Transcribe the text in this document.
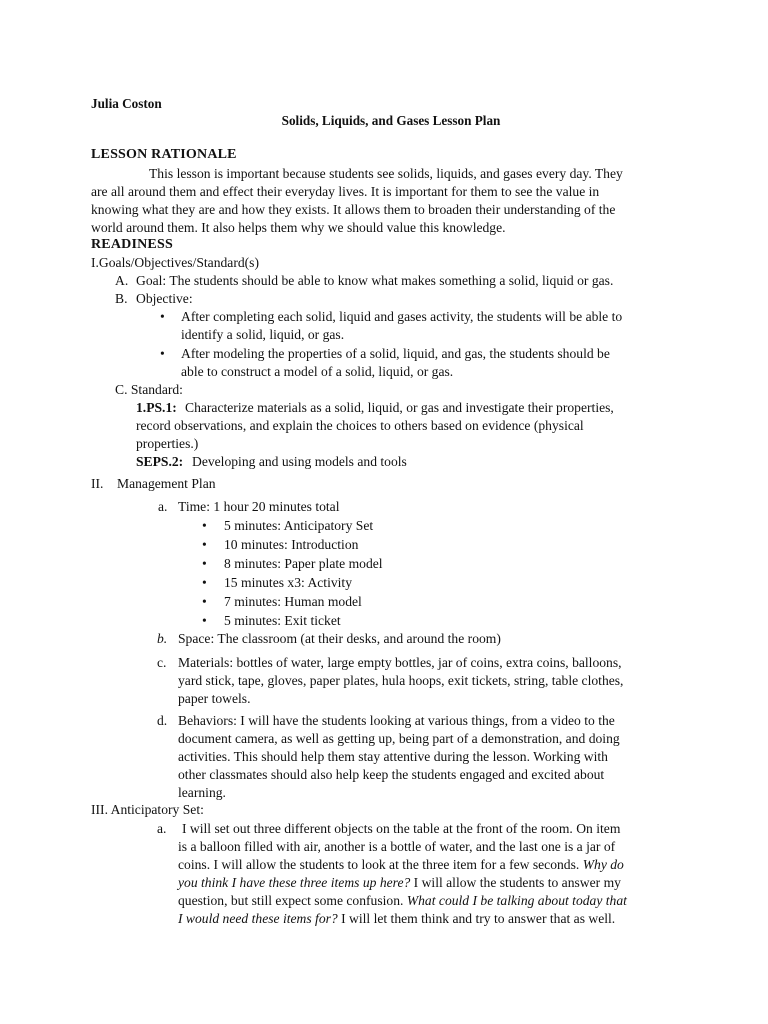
Julia Coston
Solids, Liquids, and Gases Lesson Plan
LESSON RATIONALE
This lesson is important because students see solids, liquids, and gases every day. They
are all around them and effect their everyday lives. It is important for them to see the value in
knowing what they are and how they exists. It allows them to broaden their understanding of the
world around them. It also helps them why we should value this knowledge.
READINESS
I.Goals/Objectives/Standard(s)
A. Goal: The students should be able to know what makes something a solid, liquid or gas.
B. Objective:
• After completing each solid, liquid and gases activity, the students will be able to
identify a solid, liquid, or gas.
• After modeling the properties of a solid, liquid, and gas, the students should be
able to construct a model of a solid, liquid, or gas.
C. Standard:
1.PS.1: Characterize materials as a solid, liquid, or gas and investigate their properties,
record observations, and explain the choices to others based on evidence (physical
properties.)
SEPS.2: Developing and using models and tools
II. Management Plan
a. Time: 1 hour 20 minutes total
• 5 minutes: Anticipatory Set
• 10 minutes: Introduction
• 8 minutes: Paper plate model
• 15 minutes x3: Activity
• 7 minutes: Human model
• 5 minutes: Exit ticket
b. Space: The classroom (at their desks, and around the room)
c. Materials: bottles of water, large empty bottles, jar of coins, extra coins, balloons,
yard stick, tape, gloves, paper plates, hula hoops, exit tickets, string, table clothes,
paper towels.
d. Behaviors: I will have the students looking at various things, from a video to the
document camera, as well as getting up, being part of a demonstration, and doing
activities. This should help them stay attentive during the lesson. Working with
other classmates should also help keep the students engaged and excited about
learning.
III. Anticipatory Set:
a. I will set out three different objects on the table at the front of the room. On item
is a balloon filled with air, another is a bottle of water, and the last one is a jar of
coins. I will allow the students to look at the three item for a few seconds. Why do
you think I have these three items up here? I will allow the students to answer my
question, but still expect some confusion. What could I be talking about today that
I would need these items for? I will let them think and try to answer that as well.
